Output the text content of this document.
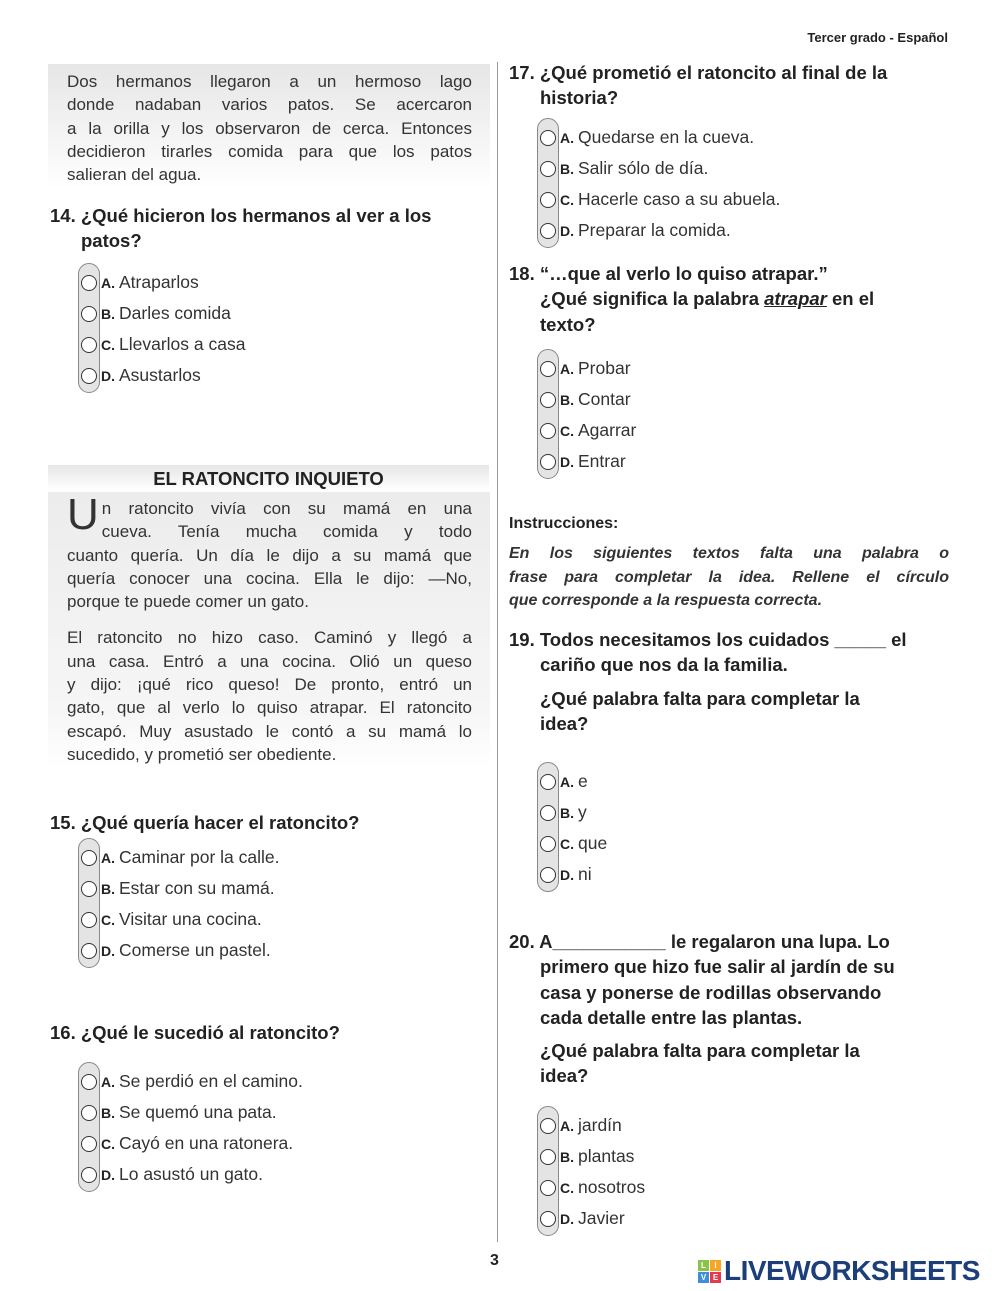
Tercer grado - Español
Dos hermanos llegaron a un hermoso lago
donde nadaban varios patos. Se acercaron
a la orilla y los observaron de cerca. Entonces
decidieron tirarles comida para que los patos
salieran del agua.
14. ¿Qué hicieron los hermanos al ver a los
patos?
A. Atraparlos
B. Darles comida
C. Llevarlos a casa
D. Asustarlos
EL RATONCITO INQUIETO
U n ratoncito vivía con su mamá en una
cueva. Tenía mucha comida y todo
cuanto quería. Un día le dijo a su mamá que
quería conocer una cocina. Ella le dijo: —No,
porque te puede comer un gato.
El ratoncito no hizo caso. Caminó y llegó a
una casa. Entró a una cocina. Olió un queso
y dijo: ¡qué rico queso! De pronto, entró un
gato, que al verlo lo quiso atrapar. El ratoncito
escapó. Muy asustado le contó a su mamá lo
sucedido, y prometió ser obediente.
15. ¿Qué quería hacer el ratoncito?
A. Caminar por la calle.
B. Estar con su mamá.
C. Visitar una cocina.
D. Comerse un pastel.
16. ¿Qué le sucedió al ratoncito?
A. Se perdió en el camino.
B. Se quemó una pata.
C. Cayó en una ratonera.
D. Lo asustó un gato.
17. ¿Qué prometió el ratoncito al final de la
historia?
A. Quedarse en la cueva.
B. Salir sólo de día.
C. Hacerle caso a su abuela.
D. Preparar la comida.
18. “…que al verlo lo quiso atrapar.”
¿Qué significa la palabra atrapar en el
texto?
A. Probar
B. Contar
C. Agarrar
D. Entrar
Instrucciones:
En los siguientes textos falta una palabra o
frase para completar la idea. Rellene el círculo
que corresponde a la respuesta correcta.
19. Todos necesitamos los cuidados _____ el
cariño que nos da la familia.
¿Qué palabra falta para completar la
idea?
A. e
B. y
C. que
D. ni
20. A___________ le regalaron una lupa. Lo
primero que hizo fue salir al jardín de su
casa y ponerse de rodillas observando
cada detalle entre las plantas.
¿Qué palabra falta para completar la
idea?
A. jardín
B. plantas
C. nosotros
D. Javier
3	L	I
V E LIVEWORKSHEETS
